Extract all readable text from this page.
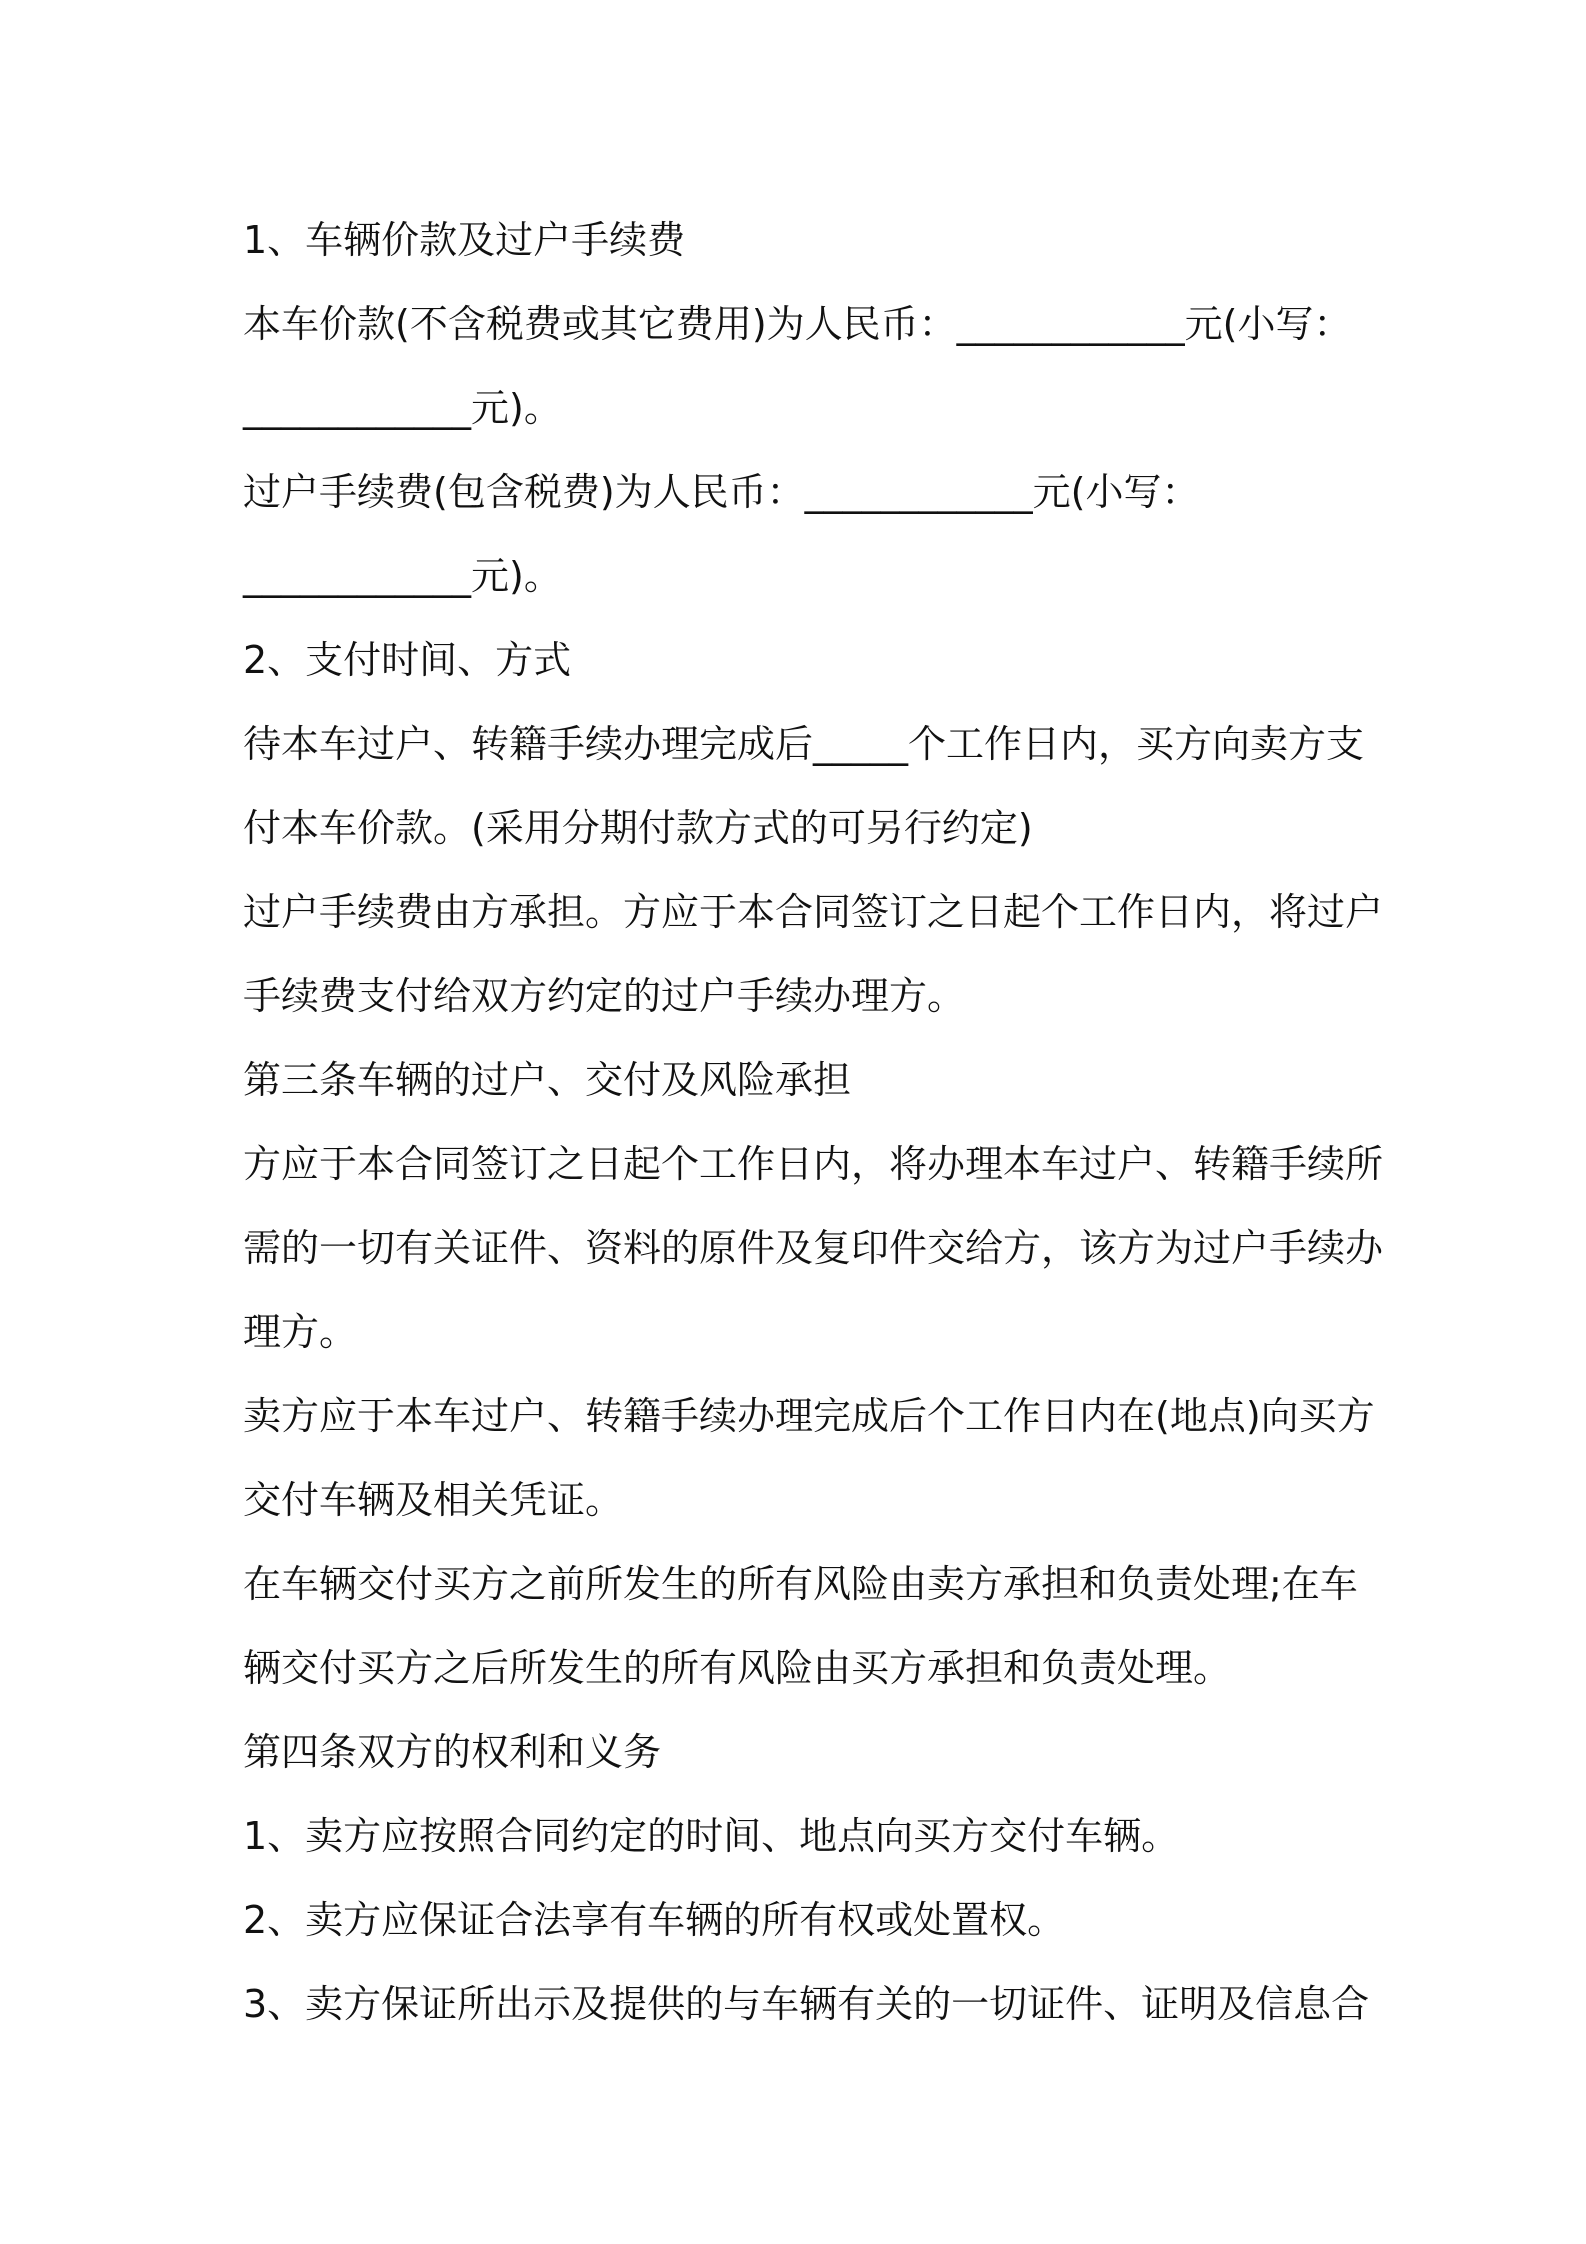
1、车辆价款及过户手续费
本车价款(不含税费或其它费用)为人民币：____________元(小写：
____________元)。
过户手续费(包含税费)为人民币：____________元(小写：
____________元)。
2、支付时间、方式
待本车过户、转籍手续办理完成后_____个工作日内，买方向卖方支
付本车价款。(采用分期付款方式的可另行约定)
过户手续费由方承担。方应于本合同签订之日起个工作日内，将过户
手续费支付给双方约定的过户手续办理方。
第三条车辆的过户、交付及风险承担
方应于本合同签订之日起个工作日内，将办理本车过户、转籍手续所
需的一切有关证件、资料的原件及复印件交给方，该方为过户手续办
理方。
卖方应于本车过户、转籍手续办理完成后个工作日内在(地点)向买方
交付车辆及相关凭证。
在车辆交付买方之前所发生的所有风险由卖方承担和负责处理;在车
辆交付买方之后所发生的所有风险由买方承担和负责处理。
第四条双方的权利和义务
1、卖方应按照合同约定的时间、地点向买方交付车辆。
2、卖方应保证合法享有车辆的所有权或处置权。
3、卖方保证所出示及提供的与车辆有关的一切证件、证明及信息合
